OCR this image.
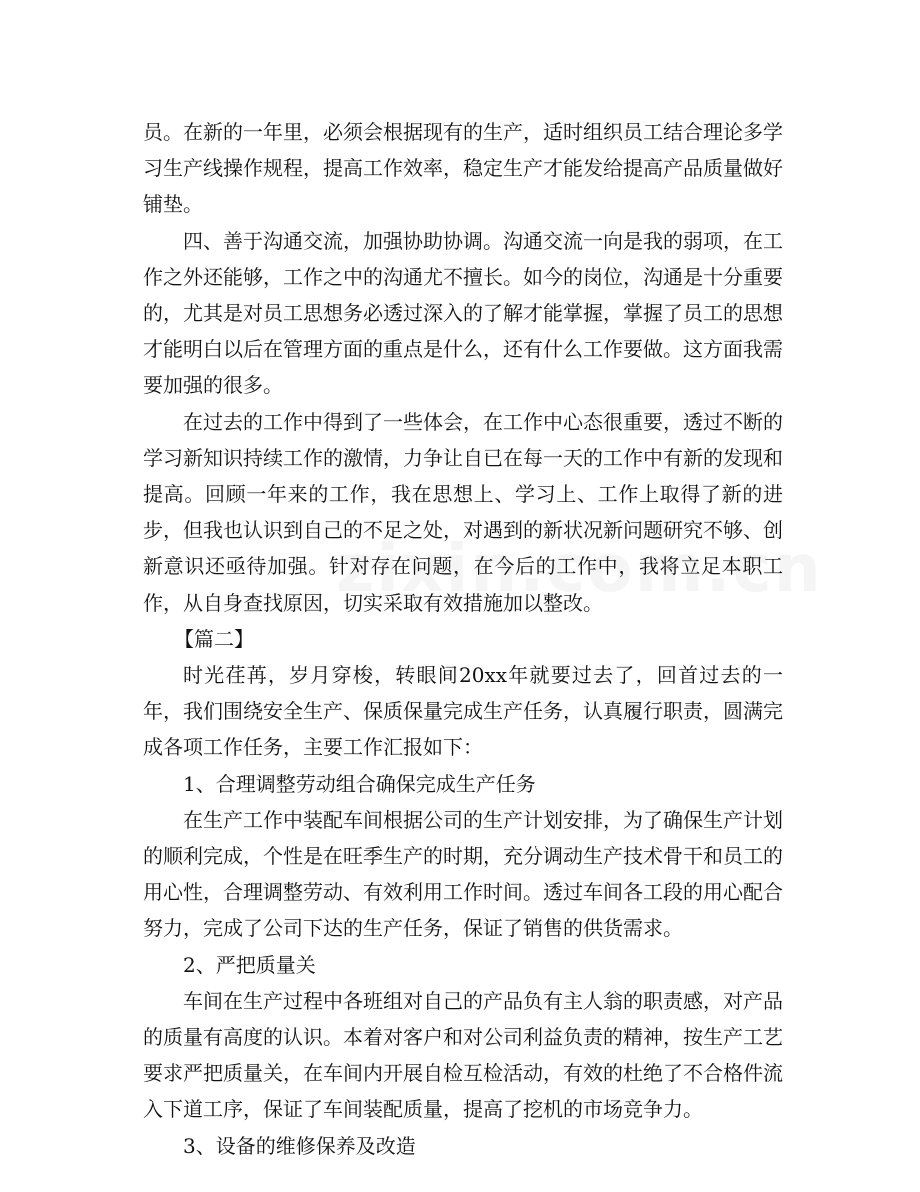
员。在新的一年里，必须会根据现有的生产，适时组织员工结合理论多学习生产线操作规程，提高工作效率，稳定生产才能发给提高产品质量做好铺垫。

四、善于沟通交流，加强协助协调。沟通交流一向是我的弱项，在工作之外还能够，工作之中的沟通尤不擅长。如今的岗位，沟通是十分重要的，尤其是对员工思想务必透过深入的了解才能掌握，掌握了员工的思想才能明白以后在管理方面的重点是什么，还有什么工作要做。这方面我需要加强的很多。

在过去的工作中得到了一些体会，在工作中心态很重要，透过不断的学习新知识持续工作的激情，力争让自已在每一天的工作中有新的发现和提高。回顾一年来的工作，我在思想上、学习上、工作上取得了新的进步，但我也认识到自己的不足之处，对遇到的新状况新问题研究不够、创新意识还亟待加强。针对存在问题，在今后的工作中，我将立足本职工作，从自身查找原因，切实采取有效措施加以整改。

【篇二】

时光荏苒，岁月穿梭，转眼间20xx年就要过去了，回首过去的一年，我们围绕安全生产、保质保量完成生产任务，认真履行职责，圆满完成各项工作任务，主要工作汇报如下：

1、合理调整劳动组合确保完成生产任务

在生产工作中装配车间根据公司的生产计划安排，为了确保生产计划的顺利完成，个性是在旺季生产的时期，充分调动生产技术骨干和员工的用心性，合理调整劳动、有效利用工作时间。透过车间各工段的用心配合努力，完成了公司下达的生产任务，保证了销售的供货需求。

2、严把质量关

车间在生产过程中各班组对自己的产品负有主人翁的职责感，对产品的质量有高度的认识。本着对客户和对公司利益负责的精神，按生产工艺要求严把质量关，在车间内开展自检互检活动，有效的杜绝了不合格件流入下道工序，保证了车间装配质量，提高了挖机的市场竞争力。

3、设备的维修保养及改造
